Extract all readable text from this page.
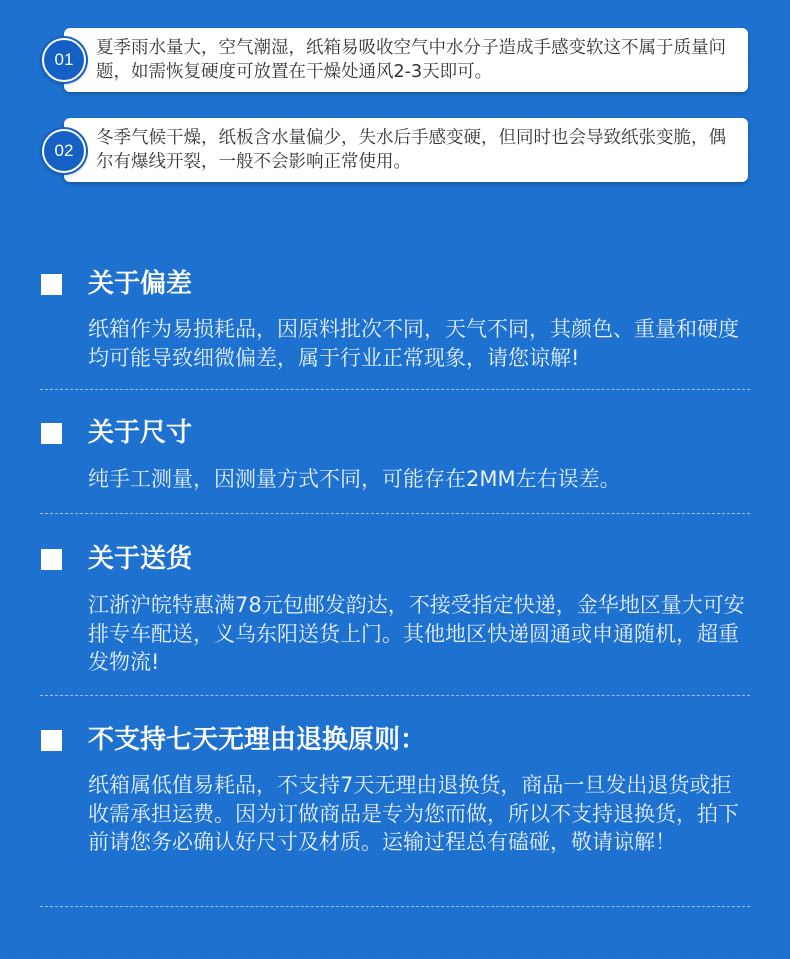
夏季雨水量大，空气潮湿，纸箱易吸收空气中水分子造成手感变软这不属于质量问题，如需恢复硬度可放置在干燥处通风2-3天即可。
01
冬季气候干燥，纸板含水量偏少，失水后手感变硬，但同时也会导致纸张变脆，偶尔有爆线开裂，一般不会影响正常使用。
02
关于偏差
纸箱作为易损耗品，因原料批次不同，天气不同，其颜色、重量和硬度均可能导致细微偏差，属于行业正常现象，请您谅解!
关于尺寸
纯手工测量，因测量方式不同，可能存在2MM左右误差。
关于送货
江浙沪皖特惠满78元包邮发韵达，不接受指定快递，金华地区量大可安排专车配送，义乌东阳送货上门。其他地区快递圆通或申通随机，超重发物流!
不支持七天无理由退换原则：
纸箱属低值易耗品，不支持7天无理由退换货，商品一旦发出退货或拒收需承担运费。因为订做商品是专为您而做，所以不支持退换货，拍下前请您务必确认好尺寸及材质。运输过程总有磕碰，敬请谅解！
